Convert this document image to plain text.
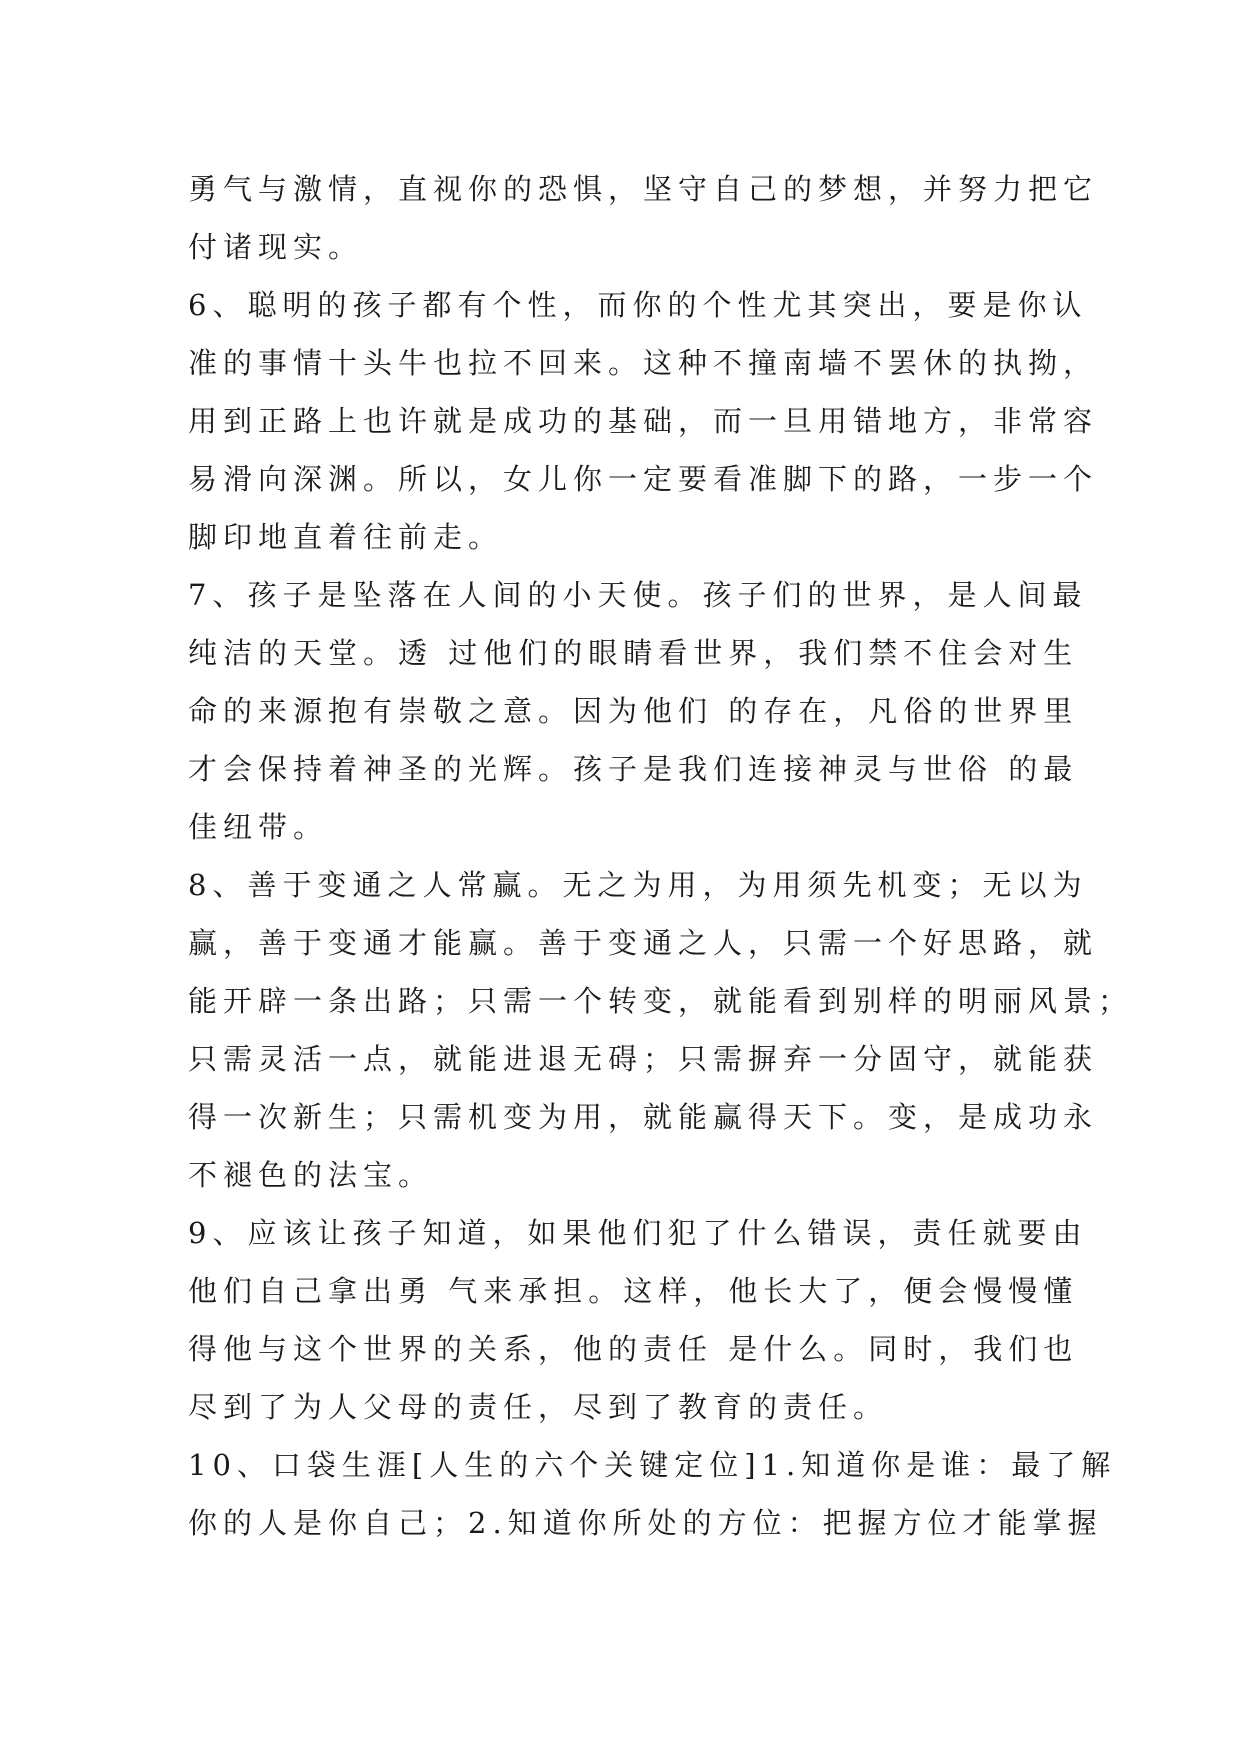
勇气与激情，直视你的恐惧，坚守自己的梦想，并努力把它
付诸现实。
6、聪明的孩子都有个性，而你的个性尤其突出，要是你认
准的事情十头牛也拉不回来。这种不撞南墙不罢休的执拗，
用到正路上也许就是成功的基础，而一旦用错地方，非常容
易滑向深渊。所以，女儿你一定要看准脚下的路，一步一个
脚印地直着往前走。
7、孩子是坠落在人间的小天使。孩子们的世界，是人间最
纯洁的天堂。透 过他们的眼睛看世界，我们禁不住会对生
命的来源抱有崇敬之意。因为他们 的存在，凡俗的世界里
才会保持着神圣的光辉。孩子是我们连接神灵与世俗 的最
佳纽带。
8、善于变通之人常赢。无之为用，为用须先机变；无以为
赢，善于变通才能赢。善于变通之人，只需一个好思路，就
能开辟一条出路；只需一个转变，就能看到别样的明丽风景；
只需灵活一点，就能进退无碍；只需摒弃一分固守，就能获
得一次新生；只需机变为用，就能赢得天下。变，是成功永
不褪色的法宝。
9、应该让孩子知道，如果他们犯了什么错误，责任就要由
他们自己拿出勇 气来承担。这样，他长大了，便会慢慢懂
得他与这个世界的关系，他的责任 是什么。同时，我们也
尽到了为人父母的责任，尽到了教育的责任。
10、口袋生涯[人生的六个关键定位]1.知道你是谁：最了解
你的人是你自己；2.知道你所处的方位：把握方位才能掌握
